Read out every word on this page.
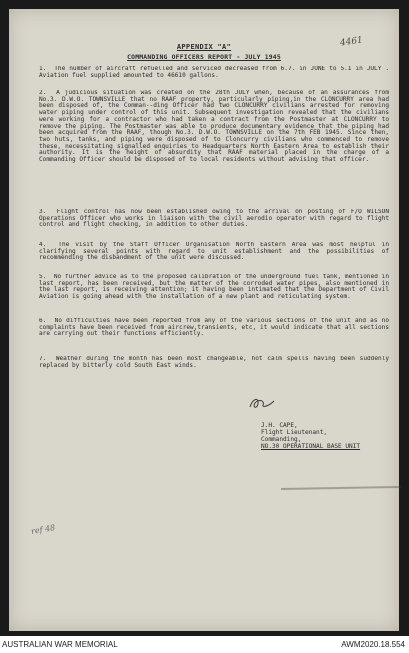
4461
APPENDIX "A"
COMMANDING OFFICERS REPORT - JULY 1945
1. The number of aircraft refuelled and serviced decreased from 6.7. in JUNE to 5.1 in JULY . Aviation fuel supplied amounted to 46610 gallons.
2. A judicious situation was created on the 28th JULY when, because of an assurances from No.3. D.W.O. TOWNSVILLE that no RAAF property, particularly piping,in the CLONCURRY area had been disposed of, the Comman--ding Officer had two CLONCURRY civilians arrested for removing water piping under control of this unit. Subsequent investigation revealed that the civilians were working for a contractor who had taken a contract from the Postmaster at CLONCURRY to remove the piping. The Postmaster was able to produce documentary evidence that the piping had been acquired from the RAAF, though No.3. D.W.O. TOWNSVILLE on the 7th FEB 1945. Since then, two huts, tanks, and piping were disposed of to Cloncurry civilians who commenced to remove these, necessitating signalled enquiries to Headquarters North Eastern Area to establish their authority. It is the height of absurdity that RAAF material placed in the charge of a Commanding Officer should be disposed of to local residents without advising that officer.
3. Flight control has now been established owing to the arrival on posting of F/O WILSON Operations Officer who works in liaison with the civil aerodio operator with regard to flight control and flight checking, in addition to other duties.
4. The visit by the Staff Officer Organisation North Eastern Area was most helpful in clarifying several points with regard to unit establishment and the possibilities of recommending the disbandment of the unit were discussed.
5. No further advice as to the proposed calibration of the underground fuel tank, mentioned in last report, has been received, but the matter of the corroded water pipes, also mentioned in the last report, is receiving attention; it having been intimated that the Department of Civil Aviation is going ahead with the installation of a new plant and reticulating system.
6. No difficulties have been reported from any of the various sections of the unit and as no complaints have been received from aircrew,transients, etc, it would indicate that all sections are carrying out their functions efficiently.
7. Weather during the month has been most changeable, hot calm spells having been suddenly replaced by bitterly cold South East winds.
J.H. CAPE,
Flight Lieutenant,
Commanding,
NO.30 OPERATIONAL BASE UNIT
ref 48
AUSTRALIAN WAR MEMORIAL	AWM2020.18.554
